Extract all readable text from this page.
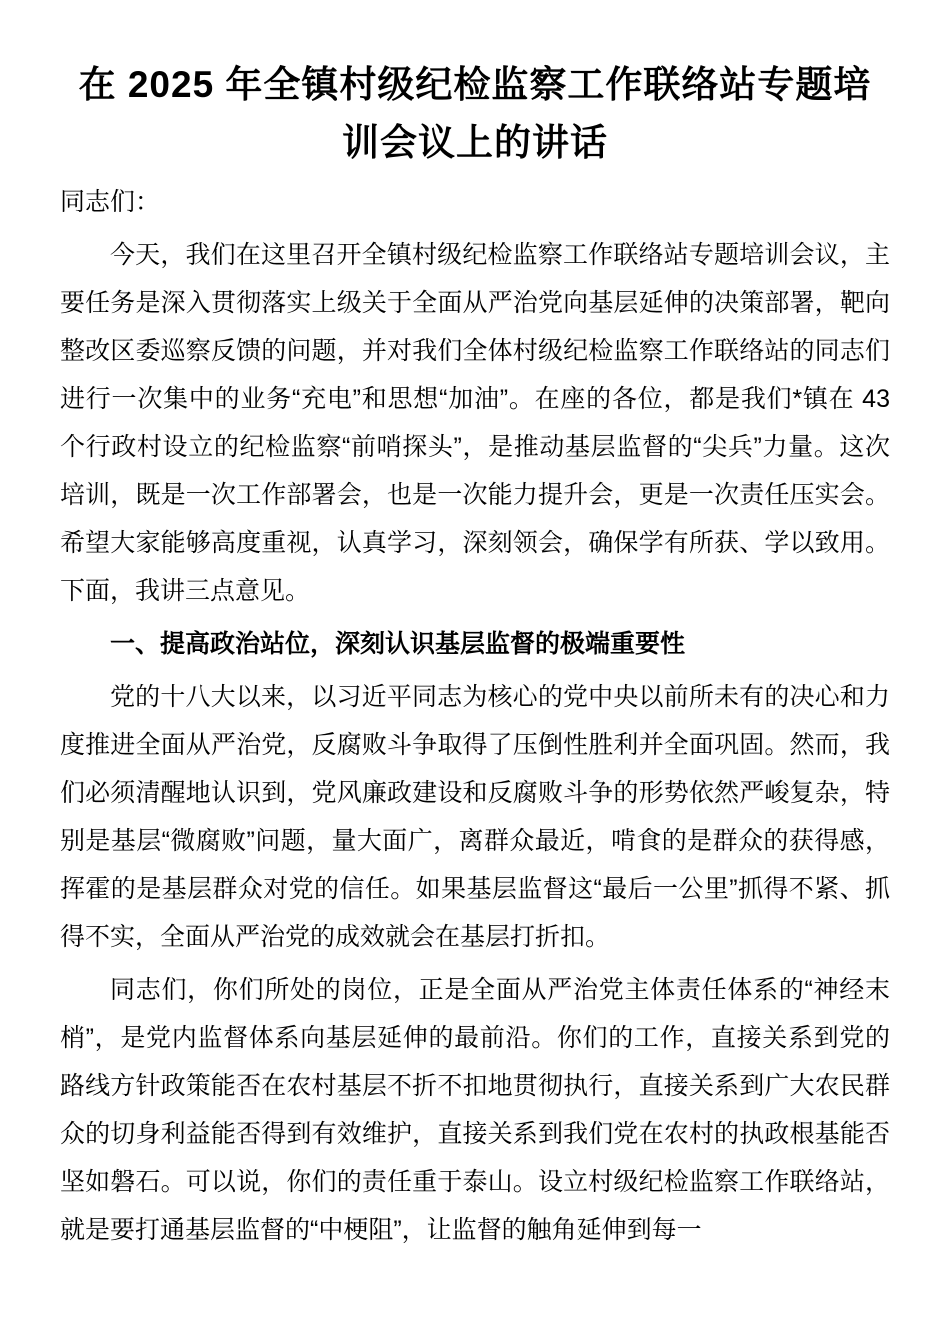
在 2025 年全镇村级纪检监察工作联络站专题培训会议上的讲话

同志们：

今天，我们在这里召开全镇村级纪检监察工作联络站专题培训会议，主要任务是深入贯彻落实上级关于全面从严治党向基层延伸的决策部署，靶向整改区委巡察反馈的问题，并对我们全体村级纪检监察工作联络站的同志们进行一次集中的业务“充电”和思想“加油”。在座的各位，都是我们*镇在 43 个行政村设立的纪检监察“前哨探头”，是推动基层监督的“尖兵”力量。这次培训，既是一次工作部署会，也是一次能力提升会，更是一次责任压实会。希望大家能够高度重视，认真学习，深刻领会，确保学有所获、学以致用。下面，我讲三点意见。

一、提高政治站位，深刻认识基层监督的极端重要性

党的十八大以来，以习近平同志为核心的党中央以前所未有的决心和力度推进全面从严治党，反腐败斗争取得了压倒性胜利并全面巩固。然而，我们必须清醒地认识到，党风廉政建设和反腐败斗争的形势依然严峻复杂，特别是基层“微腐败”问题，量大面广，离群众最近，啃食的是群众的获得感，挥霍的是基层群众对党的信任。如果基层监督这“最后一公里”抓得不紧、抓得不实，全面从严治党的成效就会在基层打折扣。

同志们，你们所处的岗位，正是全面从严治党主体责任体系的“神经末梢”，是党内监督体系向基层延伸的最前沿。你们的工作，直接关系到党的路线方针政策能否在农村基层不折不扣地贯彻执行，直接关系到广大农民群众的切身利益能否得到有效维护，直接关系到我们党在农村的执政根基能否坚如磐石。可以说，你们的责任重于泰山。设立村级纪检监察工作联络站，就是要打通基层监督的“中梗阻”，让监督的触角延伸到每一
